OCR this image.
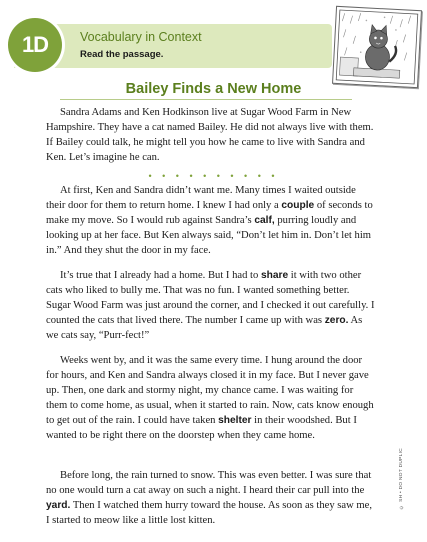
1D	Vocabulary in Context
Read the passage.
Bailey Finds a New Home

Sandra Adams and Ken Hodkinson live at Sugar Wood Farm in New Hampshire. They have a cat named Bailey. He did not always live with them. If Bailey could talk, he might tell you how he came to live with Sandra and Ken. Let’s imagine he can.

• • • • • • • • • •

At first, Ken and Sandra didn’t want me. Many times I waited outside their door for them to return home. I knew I had only a couple of seconds to make my move. So I would rub against Sandra’s calf, purring loudly and looking up at her face. But Ken always said, “Don’t let him in. Don’t let him in.” And they shut the door in my face.

It’s true that I already had a home. But I had to share it with two other cats who liked to bully me. That was no fun. I wanted something better. Sugar Wood Farm was just around the corner, and I checked it out carefully. I counted the cats that lived there. The number I came up with was zero. As we cats say, “Purr-fect!”

Weeks went by, and it was the same every time. I hung around the door for hours, and Ken and Sandra always closed it in my face. But I never gave up. Then, one dark and stormy night, my chance came. I was waiting for them to come home, as usual, when it started to rain. Now, cats know enough to get out of the rain. I could have taken shelter in their woodshed. But I wanted to be right there on the doorstep when they came home.

Before long, the rain turned to snow. This was even better. I was sure that no one would turn a cat away on such a night. I heard their car pull into the yard. Then I watched them hurry toward the house. As soon as they saw me, I started to meow like a little lost kitten.

© SH • DO NOT DUPLIC
